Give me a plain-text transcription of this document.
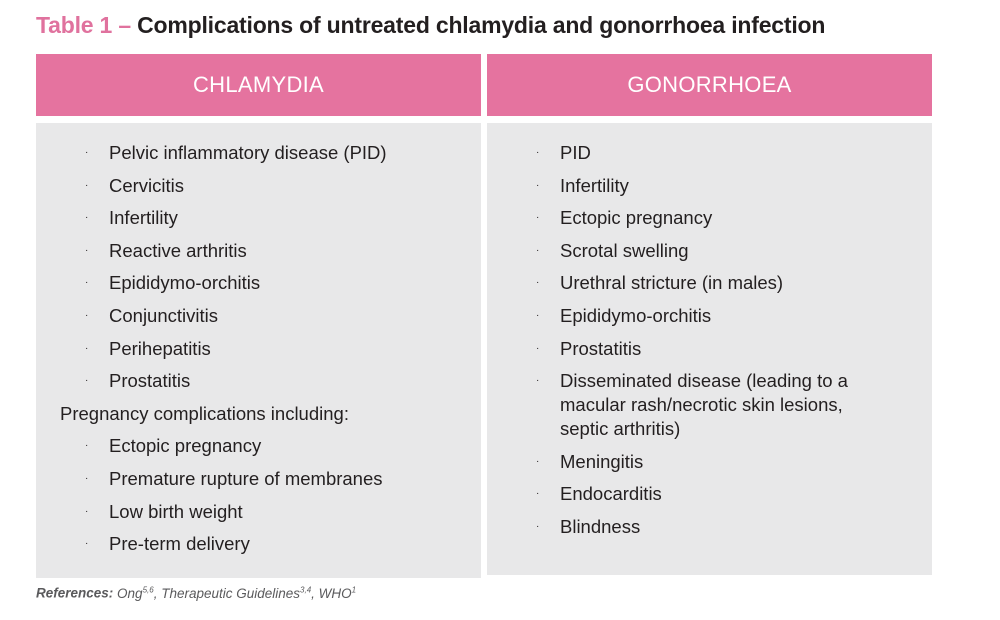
Table 1 – Complications of untreated chlamydia and gonorrhoea infection
CHLAMYDIA	GONORRHOEA
· Pelvic inflammatory disease (PID)
· Cervicitis
· Infertility
· Reactive arthritis
· Epididymo-orchitis
· Conjunctivitis
· Perihepatitis
· Prostatitis
Pregnancy complications including:
· Ectopic pregnancy
· Premature rupture of membranes
· Low birth weight
· Pre-term delivery
· PID
· Infertility
· Ectopic pregnancy
· Scrotal swelling
· Urethral stricture (in males)
· Epididymo-orchitis
· Prostatitis
· Disseminated disease (leading to a
macular rash/necrotic skin lesions,
septic arthritis)
· Meningitis
· Endocarditis
· Blindness
References: Ong$^{5,6}$, Therapeutic Guidelines$^{3,4}$, WHO$^1$
